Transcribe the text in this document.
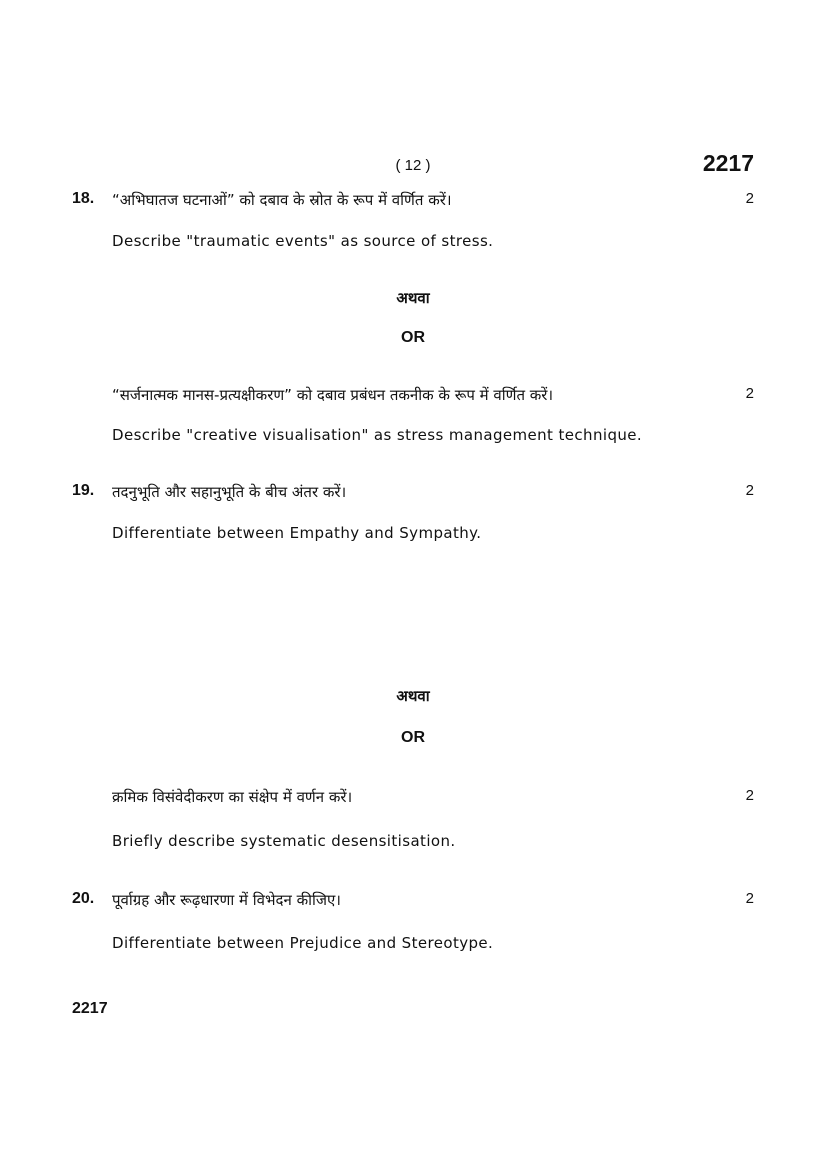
( 12 )	2217
18. “अभिघातज घटनाओं” को दबाव के स्रोत के रूप में वर्णित करें।	2
Describe "traumatic events" as source of stress.
अथवा
OR
“सर्जनात्मक मानस-प्रत्यक्षीकरण” को दबाव प्रबंधन तकनीक के रूप में वर्णित करें।	2
Describe "creative visualisation" as stress management technique.
19. तदनुभूति और सहानुभूति के बीच अंतर करें।	2
Differentiate between Empathy and Sympathy.
अथवा
OR
क्रमिक विसंवेदीकरण का संक्षेप में वर्णन करें।	2
Briefly describe systematic desensitisation.
20. पूर्वाग्रह और रूढ़धारणा में विभेदन कीजिए।	2
Differentiate between Prejudice and Stereotype.
2217
